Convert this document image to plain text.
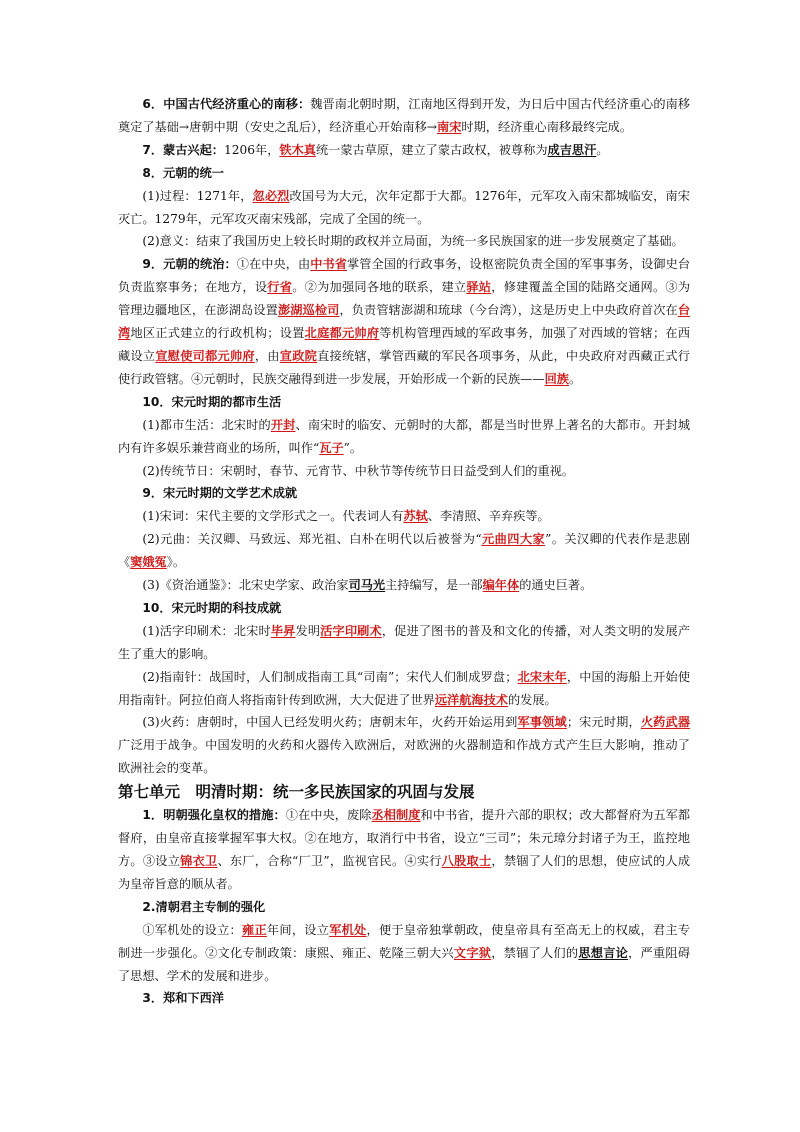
6．中国古代经济重心的南移：魏晋南北朝时期，江南地区得到开发，为日后中国古代经济重心的南移奠定了基础→唐朝中期（安史之乱后），经济重心开始南移→南宋时期，经济重心南移最终完成。

7．蒙古兴起：1206年，铁木真统一蒙古草原，建立了蒙古政权，被尊称为成吉思汗。

8．元朝的统一

(1)过程：1271年，忽必烈改国号为大元，次年定都于大都。1276年，元军攻入南宋都城临安，南宋灭亡。1279年，元军攻灭南宋残部，完成了全国的统一。

(2)意义：结束了我国历史上较长时期的政权并立局面，为统一多民族国家的进一步发展奠定了基础。

9．元朝的统治：①在中央，由中书省掌管全国的行政事务，设枢密院负责全国的军事事务，设御史台负责监察事务；在地方，设行省。②为加强同各地的联系，建立驿站，修建覆盖全国的陆路交通网。③为管理边疆地区，在澎湖岛设置澎湖巡检司，负责管辖澎湖和琉球（今台湾），这是历史上中央政府首次在台湾地区正式建立的行政机构；设置北庭都元帅府等机构管理西域的军政事务，加强了对西域的管辖；在西藏设立宣慰使司都元帅府，由宣政院直接统辖，掌管西藏的军民各项事务，从此，中央政府对西藏正式行使行政管辖。④元朝时，民族交融得到进一步发展，开始形成一个新的民族——回族。

10．宋元时期的都市生活

(1)都市生活：北宋时的开封、南宋时的临安、元朝时的大都，都是当时世界上著名的大都市。开封城内有许多娱乐兼营商业的场所，叫作“瓦子”。

(2)传统节日：宋朝时，春节、元宵节、中秋节等传统节日日益受到人们的重视。

9．宋元时期的文学艺术成就

(1)宋词：宋代主要的文学形式之一。代表词人有苏轼、李清照、辛弃疾等。

(2)元曲：关汉卿、马致远、郑光祖、白朴在明代以后被誉为“元曲四大家”。关汉卿的代表作是悲剧《窦娥冤》。

(3)《资治通鉴》：北宋史学家、政治家司马光主持编写，是一部编年体的通史巨著。

10．宋元时期的科技成就

(1)活字印刷术：北宋时毕昇发明活字印刷术，促进了图书的普及和文化的传播，对人类文明的发展产生了重大的影响。

(2)指南针：战国时，人们制成指南工具“司南”；宋代人们制成罗盘；北宋末年，中国的海船上开始使用指南针。阿拉伯商人将指南针传到欧洲，大大促进了世界远洋航海技术的发展。

(3)火药：唐朝时，中国人已经发明火药；唐朝末年，火药开始运用到军事领域；宋元时期，火药武器广泛用于战争。中国发明的火药和火器传入欧洲后，对欧洲的火器制造和作战方式产生巨大影响，推动了欧洲社会的变革。

第七单元　明清时期：统一多民族国家的巩固与发展

1．明朝强化皇权的措施：①在中央，废除丞相制度和中书省，提升六部的职权；改大都督府为五军都督府，由皇帝直接掌握军事大权。②在地方，取消行中书省，设立“三司”；朱元璋分封诸子为王，监控地方。③设立锦衣卫、东厂，合称“厂卫”，监视官民。④实行八股取士，禁锢了人们的思想，使应试的人成为皇帝旨意的顺从者。

2.清朝君主专制的强化

①军机处的设立：雍正年间，设立军机处，便于皇帝独掌朝政，使皇帝具有至高无上的权威，君主专制进一步强化。②文化专制政策：康熙、雍正、乾隆三朝大兴文字狱，禁锢了人们的思想言论，严重阻碍了思想、学术的发展和进步。

3．郑和下西洋
